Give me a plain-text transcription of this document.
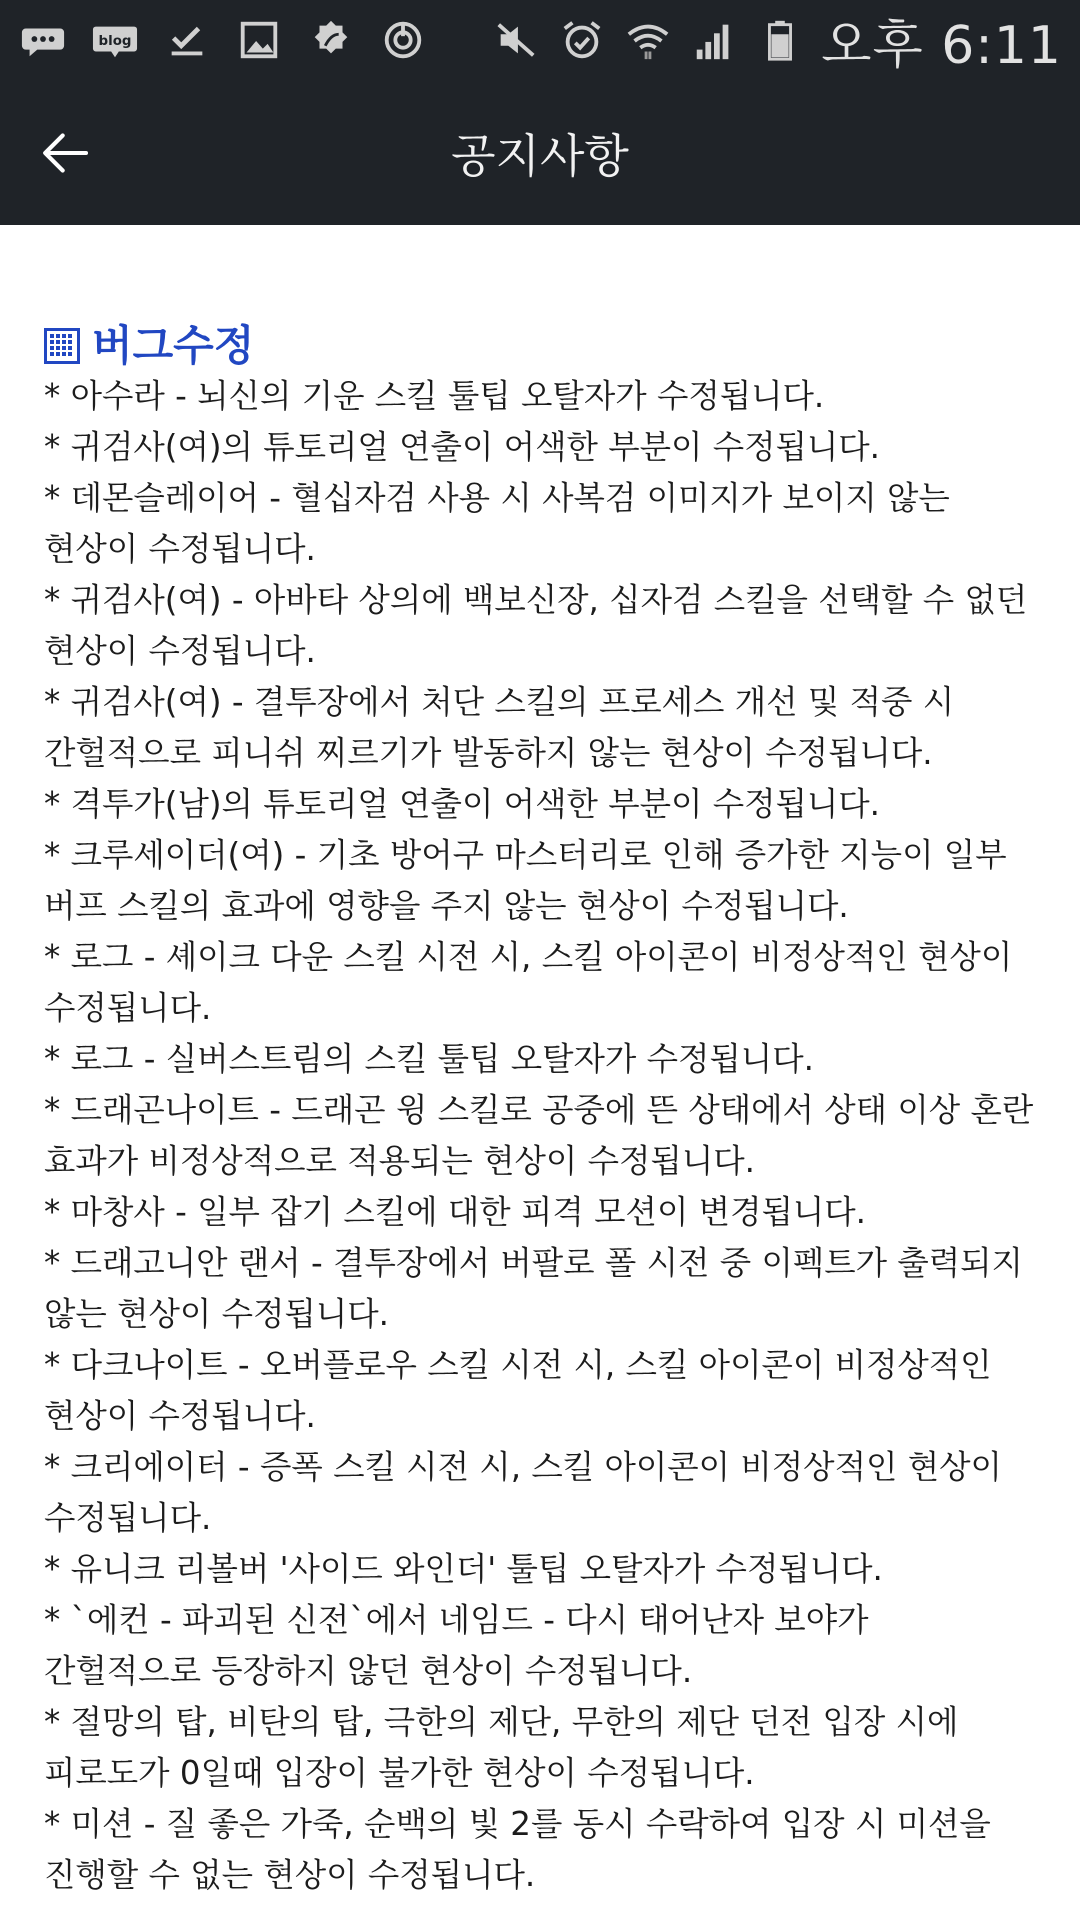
blog	오후 6:11
공지사항
버그수정
* 아수라 - 뇌신의 기운 스킬 툴팁 오탈자가 수정됩니다.
* 귀검사(여)의 튜토리얼 연출이 어색한 부분이 수정됩니다.
* 데몬슬레이어 - 혈십자검 사용 시 사복검 이미지가 보이지 않는 현상이 수정됩니다.
* 귀검사(여) - 아바타 상의에 백보신장, 십자검 스킬을 선택할 수 없던 현상이 수정됩니다.
* 귀검사(여) - 결투장에서 처단 스킬의 프로세스 개선 및 적중 시 간헐적으로 피니쉬 찌르기가 발동하지 않는 현상이 수정됩니다.
* 격투가(남)의 튜토리얼 연출이 어색한 부분이 수정됩니다.
* 크루세이더(여) - 기초 방어구 마스터리로 인해 증가한 지능이 일부 버프 스킬의 효과에 영향을 주지 않는 현상이 수정됩니다.
* 로그 - 셰이크 다운 스킬 시전 시, 스킬 아이콘이 비정상적인 현상이 수정됩니다.
* 로그 - 실버스트림의 스킬 툴팁 오탈자가 수정됩니다.
* 드래곤나이트 - 드래곤 윙 스킬로 공중에 뜬 상태에서 상태 이상 혼란 효과가 비정상적으로 적용되는 현상이 수정됩니다.
* 마창사 - 일부 잡기 스킬에 대한 피격 모션이 변경됩니다.
* 드래고니안 랜서 - 결투장에서 버팔로 폴 시전 중 이펙트가 출력되지 않는 현상이 수정됩니다.
* 다크나이트 - 오버플로우 스킬 시전 시, 스킬 아이콘이 비정상적인 현상이 수정됩니다.
* 크리에이터 - 증폭 스킬 시전 시, 스킬 아이콘이 비정상적인 현상이 수정됩니다.
* 유니크 리볼버 '사이드 와인더' 툴팁 오탈자가 수정됩니다.
* `에컨 - 파괴된 신전`에서 네임드 - 다시 태어난자 보야가 간헐적으로 등장하지 않던 현상이 수정됩니다.
* 절망의 탑, 비탄의 탑, 극한의 제단, 무한의 제단 던전 입장 시에 피로도가 0일때 입장이 불가한 현상이 수정됩니다.
* 미션 - 질 좋은 가죽, 순백의 빛 2를 동시 수락하여 입장 시 미션을 진행할 수 없는 현상이 수정됩니다.
